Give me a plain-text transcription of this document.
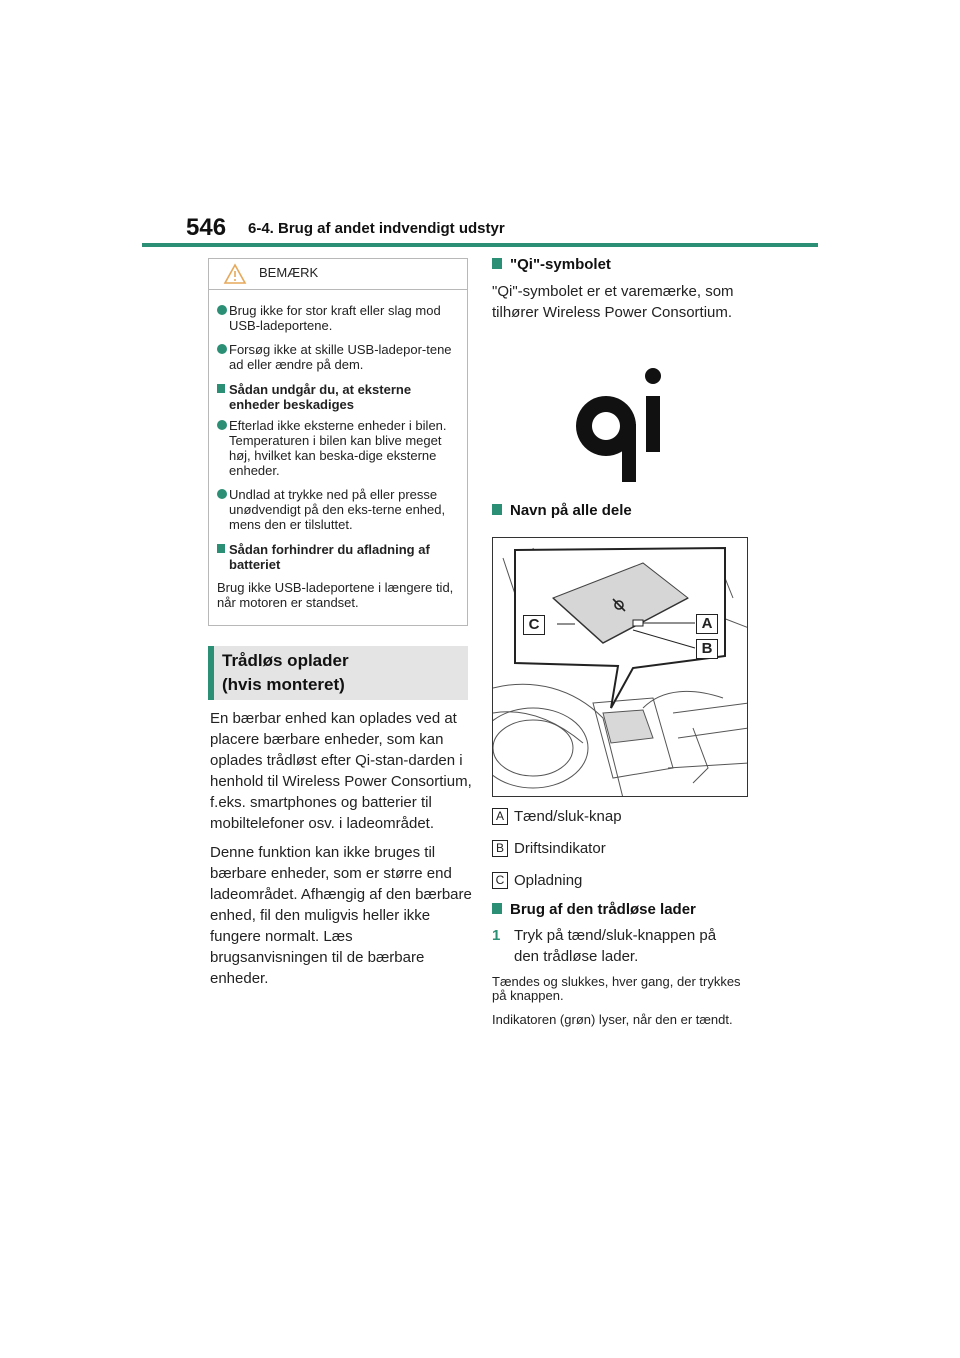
546 6-4. Brug af andet indvendigt udstyr
BEMÆRK
Brug ikke for stor kraft eller slag mod USB-ladeportene.
Forsøg ikke at skille USB-ladepor-tene ad eller ændre på dem.
Sådan undgår du, at eksterne enheder beskadiges
Efterlad ikke eksterne enheder i bilen. Temperaturen i bilen kan blive meget høj, hvilket kan beska-dige eksterne enheder.
Undlad at trykke ned på eller presse unødvendigt på den eks-terne enhed, mens den er tilsluttet.
Sådan forhindrer du afladning af batteriet
Brug ikke USB-ladeportene i længere tid, når motoren er standset.
Trådløs oplader
(hvis monteret)

En bærbar enhed kan oplades ved at placere bærbare enheder, som kan oplades trådløst efter Qi-stan-darden i henhold til Wireless Power Consortium, f.eks. smartphones og batterier til mobiltelefoner osv. i ladeområdet.

Denne funktion kan ikke bruges til bærbare enheder, som er større end ladeområdet. Afhængig af den bærbare enhed, fil den muligvis heller ikke fungere normalt. Læs brugsanvisningen til de bærbare enheder.

"Qi"-symbolet
"Qi"-symbolet er et varemærke, som tilhører Wireless Power Consortium.
Navn på alle dele
C	A
B
A Tænd/sluk-knap
B Driftsindikator
C Opladning
Brug af den trådløse lader
1 Tryk på tænd/sluk-knappen på den trådløse lader.
Tændes og slukkes, hver gang, der trykkes på knappen.
Indikatoren (grøn) lyser, når den er tændt.
